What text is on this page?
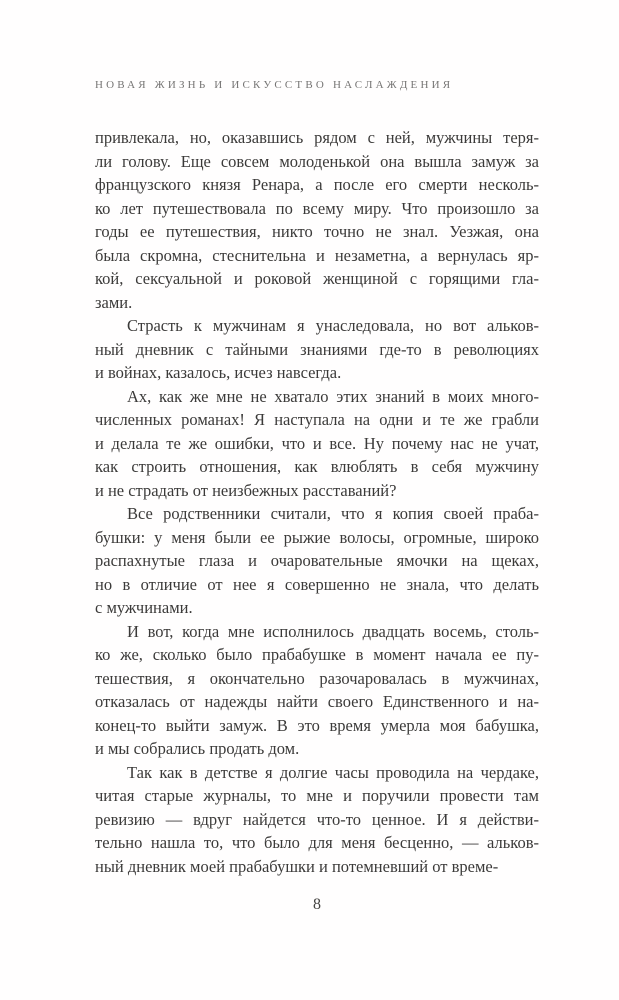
НОВАЯ ЖИЗНЬ И ИСКУССТВО НАСЛАЖДЕНИЯ
привлекала, но, оказавшись рядом с ней, мужчины теря-
ли голову. Еще совсем молоденькой она вышла замуж за
французского князя Ренара, а после его смерти несколь-
ко лет путешествовала по всему миру. Что произошло за
годы ее путешествия, никто точно не знал. Уезжая, она
была скромна, стеснительна и незаметна, а вернулась яр-
кой, сексуальной и роковой женщиной с горящими гла-
зами.
Страсть к мужчинам я унаследовала, но вот альков-
ный дневник с тайными знаниями где-то в революциях
и войнах, казалось, исчез навсегда.
Ах, как же мне не хватало этих знаний в моих много-
численных романах! Я наступала на одни и те же грабли
и делала те же ошибки, что и все. Ну почему нас не учат,
как строить отношения, как влюблять в себя мужчину
и не страдать от неизбежных расставаний?
Все родственники считали, что я копия своей праба-
бушки: у меня были ее рыжие волосы, огромные, широко
распахнутые глаза и очаровательные ямочки на щеках,
но в отличие от нее я совершенно не знала, что делать
с мужчинами.
И вот, когда мне исполнилось двадцать восемь, столь-
ко же, сколько было прабабушке в момент начала ее пу-
тешествия, я окончательно разочаровалась в мужчинах,
отказалась от надежды найти своего Единственного и на-
конец-то выйти замуж. В это время умерла моя бабушка,
и мы собрались продать дом.
Так как в детстве я долгие часы проводила на чердаке,
читая старые журналы, то мне и поручили провести там
ревизию — вдруг найдется что-то ценное. И я действи-
тельно нашла то, что было для меня бесценно, — альков-
ный дневник моей прабабушки и потемневший от време-
8
